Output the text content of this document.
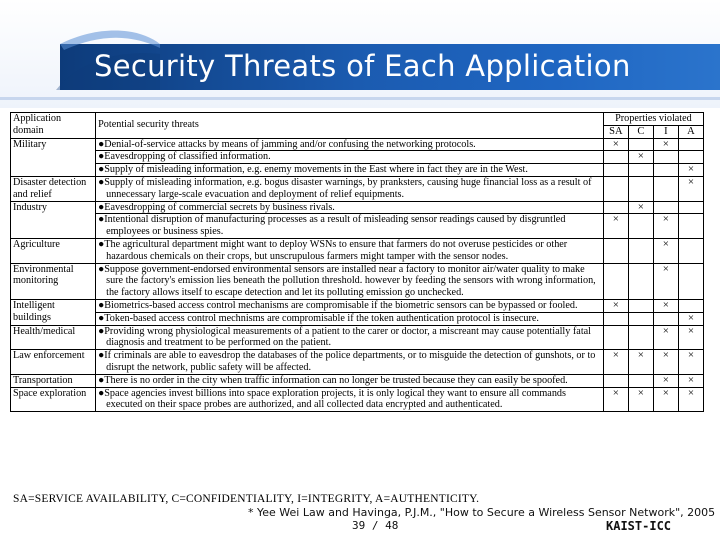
Security Threats of Each Application
Application domain	Potential security threats	Properties violated			
		SA	C	I	A
Military	●Denial-of-service attacks by means of jamming and/or confusing the networking protocols.	×		×	

	●Eavesdropping of classified information.		×		

	●Supply of misleading information, e.g. enemy movements in the East where in fact they are in the West.				×
Disaster detection and relief	●Supply of misleading information, e.g. bogus disaster warnings, by pranksters, causing huge financial loss as a result of unnecessary large-scale evacuation and deployment of relief equipments.				×
Industry	●Eavesdropping of commercial secrets by business rivals.		×		

	●Intentional disruption of manufacturing processes as a result of misleading sensor readings caused by disgruntled employees or business spies.	×		×	
Agriculture	●The agricultural department might want to deploy WSNs to ensure that farmers do not overuse pesticides or other hazardous chemicals on their crops, but unscrupulous farmers might tamper with the sensor nodes.			×	
Environmental monitoring	●Suppose government-endorsed environmental sensors are installed near a factory to monitor air/water quality to make sure the factory's emission lies beneath the pollution threshold. however by feeding the sensors with wrong information, the factory allows itself to escape detection and let its polluting emission go unchecked.			×	
Intelligent buildings	●Biometrics-based access control mechanisms are compromisable if the biometric sensors can be bypassed or fooled.	×		×	

	●Token-based access control mechnisms are compromisable if the token authentication protocol is insecure.				×
Health/medical	●Providing wrong physiological measurements of a patient to the carer or doctor, a miscreant may cause potentially fatal diagnosis and treatment to be performed on the patient.			×	×
Law enforcement	●If criminals are able to eavesdrop the databases of the police departments, or to misguide the detection of gunshots, or to disrupt the network, public safety will be affected.	×	×	×	×
Transportation	●There is no order in the city when traffic information can no longer be trusted because they can easily be spoofed.			×	×
Space exploration	●Space agencies invest billions into space exploration projects, it is only logical they want to ensure all commands executed on their space probes are authorized, and all collected data encrypted and authenticated.	×	×	×	×
SA=SERVICE AVAILABILITY, C=CONFIDENTIALITY, I=INTEGRITY, A=AUTHENTICITY.
* Yee Wei Law and Havinga, P.J.M., "How to Secure a Wireless Sensor Network", 2005
39 / 48	KAIST-ICC
